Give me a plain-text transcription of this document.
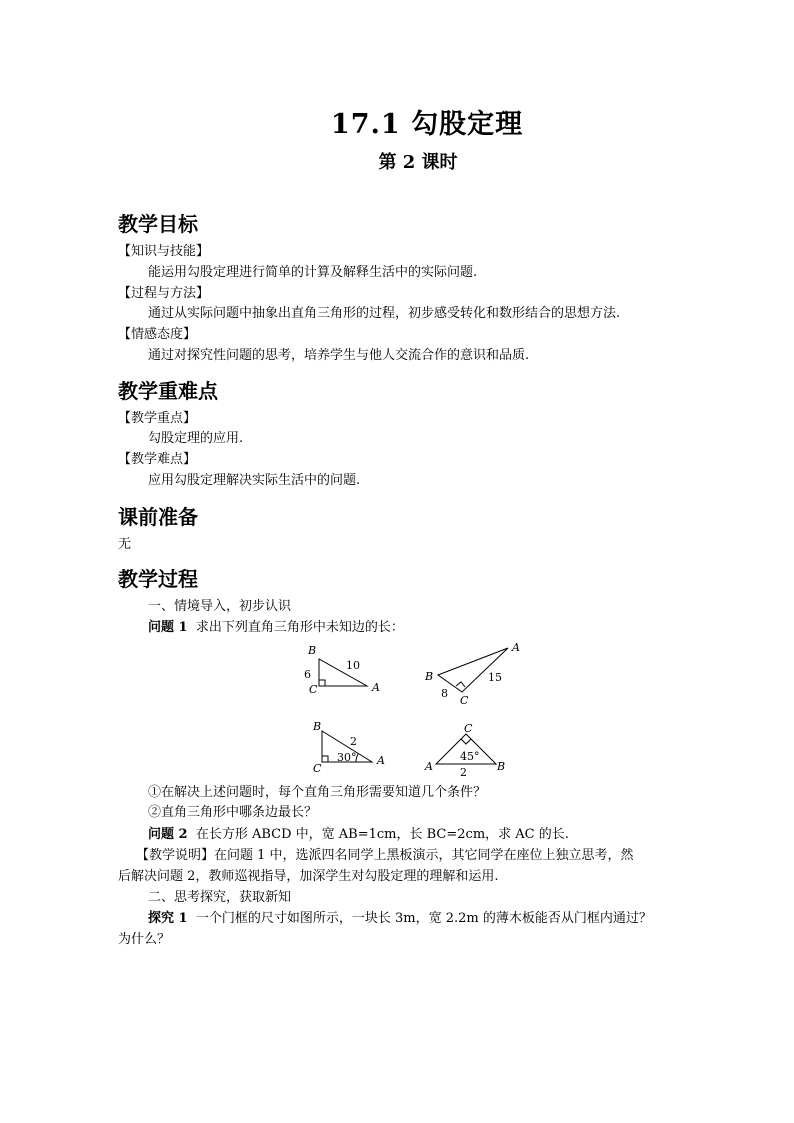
17.1 勾股定理
第 2 课时
教学目标
【知识与技能】
能运用勾股定理进行简单的计算及解释生活中的实际问题.
【过程与方法】
通过从实际问题中抽象出直角三角形的过程，初步感受转化和数形结合的思想方法.
【情感态度】
通过对探究性问题的思考，培养学生与他人交流合作的意识和品质.
教学重难点
【教学重点】
勾股定理的应用.
【教学难点】
应用勾股定理解决实际生活中的问题.
课前准备
无
教学过程
一、情境导入，初步认识
问题 1 求出下列直角三角形中未知边的长：
B
C	A
6
10
B
A
C
8
15
B
C
A
2
30°
C
A	B
45°
2
①在解决上述问题时，每个直角三角形需要知道几个条件？
②直角三角形中哪条边最长？
问题 2 在长方形 ABCD 中，宽 AB=1cm，长 BC=2cm，求 AC 的长.
【教学说明】在问题 1 中，选派四名同学上黑板演示，其它同学在座位上独立思考，然
后解决问题 2，教师巡视指导，加深学生对勾股定理的理解和运用.
二、思考探究，获取新知
探究 1 一个门框的尺寸如图所示，一块长 3m，宽 2.2m 的薄木板能否从门框内通过？
为什么？
